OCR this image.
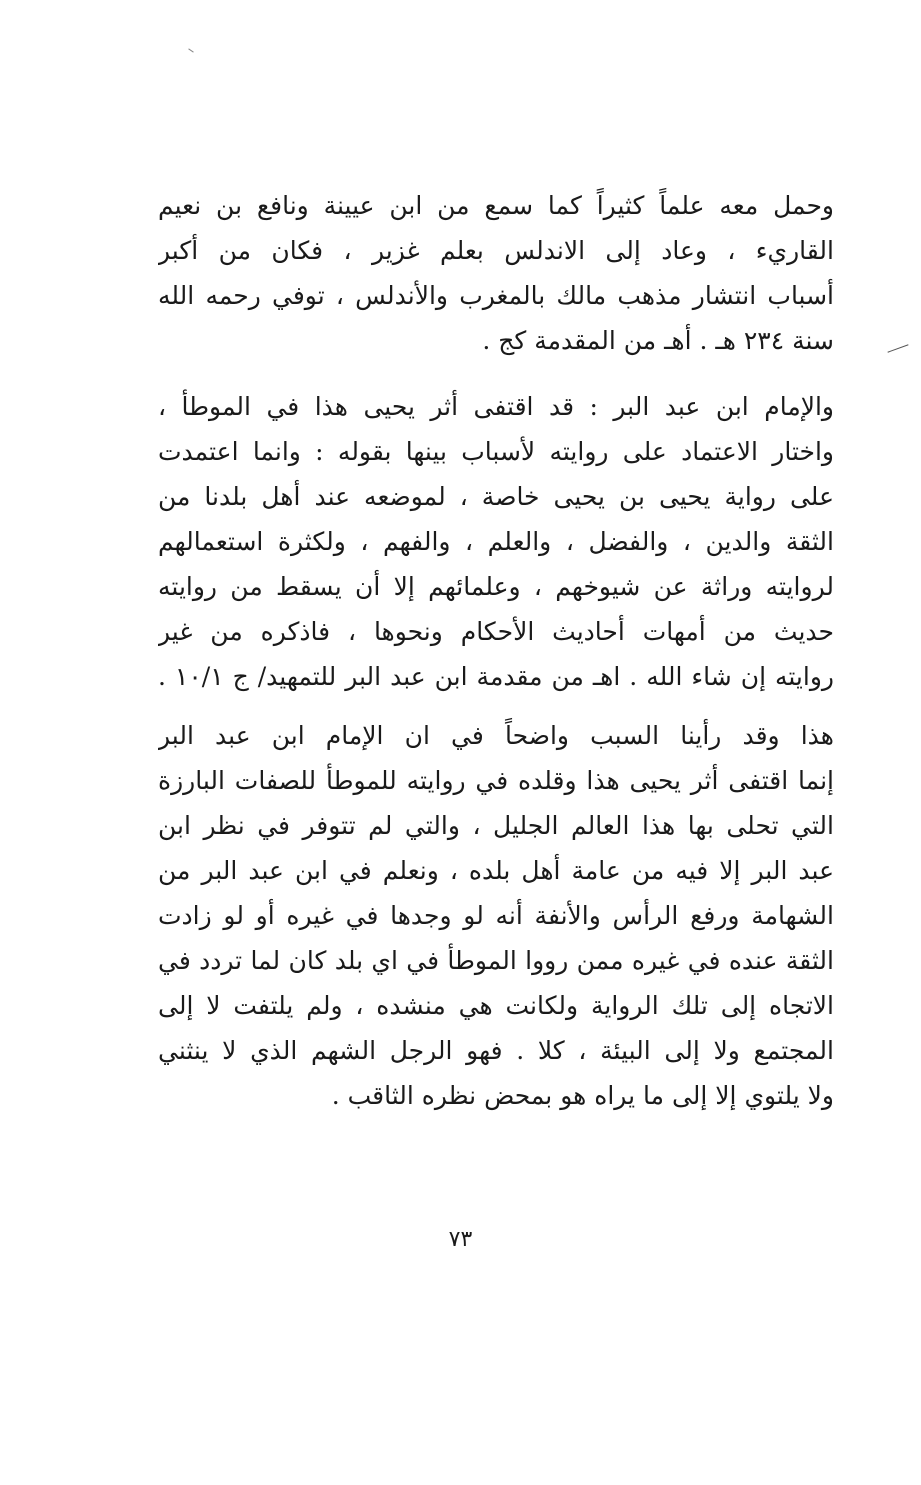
وحمل معه علماً كثيراً كما سمع من ابن عيينة ونافع بن نعيم
القاريء ، وعاد إلى الاندلس بعلم غزير ، فكان من أكبر
أسباب انتشار مذهب مالك بالمغرب والأندلس ، توفي رحمه الله
سنة ٢٣٤ هـ . أهـ من المقدمة كج .
والإمام ابن عبد البر : قد اقتفى أثر يحيى هذا في الموطأ ،
واختار الاعتماد على روايته لأسباب بينها بقوله : وانما اعتمدت
على رواية يحيى بن يحيى خاصة ، لموضعه عند أهل بلدنا من
الثقة والدين ، والفضل ، والعلم ، والفهم ، ولكثرة استعمالهم
لروايته وراثة عن شيوخهم ، وعلمائهم إلا أن يسقط من روايته
حديث من أمهات أحاديث الأحكام ونحوها ، فاذكره من غير
روايته إن شاء الله . اهـ من مقدمة ابن عبد البر للتمهيد/ ج ١٠/١ .
هذا وقد رأينا السبب واضحاً في ان الإمام ابن عبد البر
إنما اقتفى أثر يحيى هذا وقلده في روايته للموطأ للصفات البارزة
التي تحلى بها هذا العالم الجليل ، والتي لم تتوفر في نظر ابن
عبد البر إلا فيه من عامة أهل بلده ، ونعلم في ابن عبد البر من
الشهامة ورفع الرأس والأنفة أنه لو وجدها في غيره أو لو زادت
الثقة عنده في غيره ممن رووا الموطأ في اي بلد كان لما تردد في
الاتجاه إلى تلك الرواية ولكانت هي منشده ، ولم يلتفت لا إلى
المجتمع ولا إلى البيئة ، كلا . فهو الرجل الشهم الذي لا ينثني
ولا يلتوي إلا إلى ما يراه هو بمحض نظره الثاقب .
٧٣
